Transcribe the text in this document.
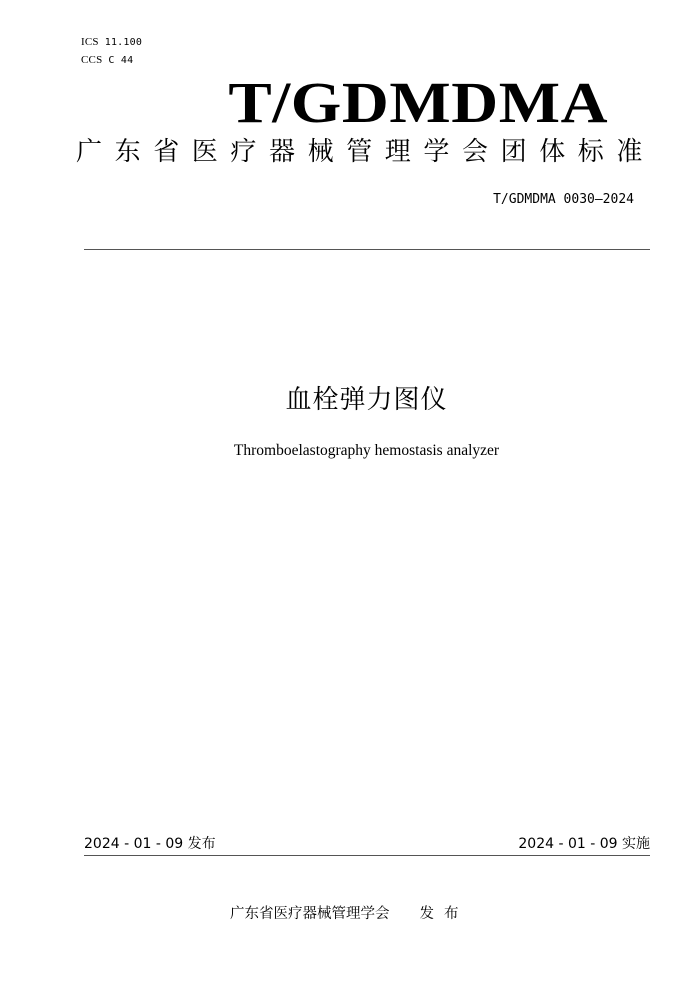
ICS 11.100
CCS C 44
T/GDMDMA
广东省医疗器械管理学会团体标准
T/GDMDMA 0030—2024
血栓弹力图仪
Thromboelastography hemostasis analyzer
2024 - 01 - 09 发布	2024 - 01 - 09 实施
广东省医疗器械管理学会 发布
